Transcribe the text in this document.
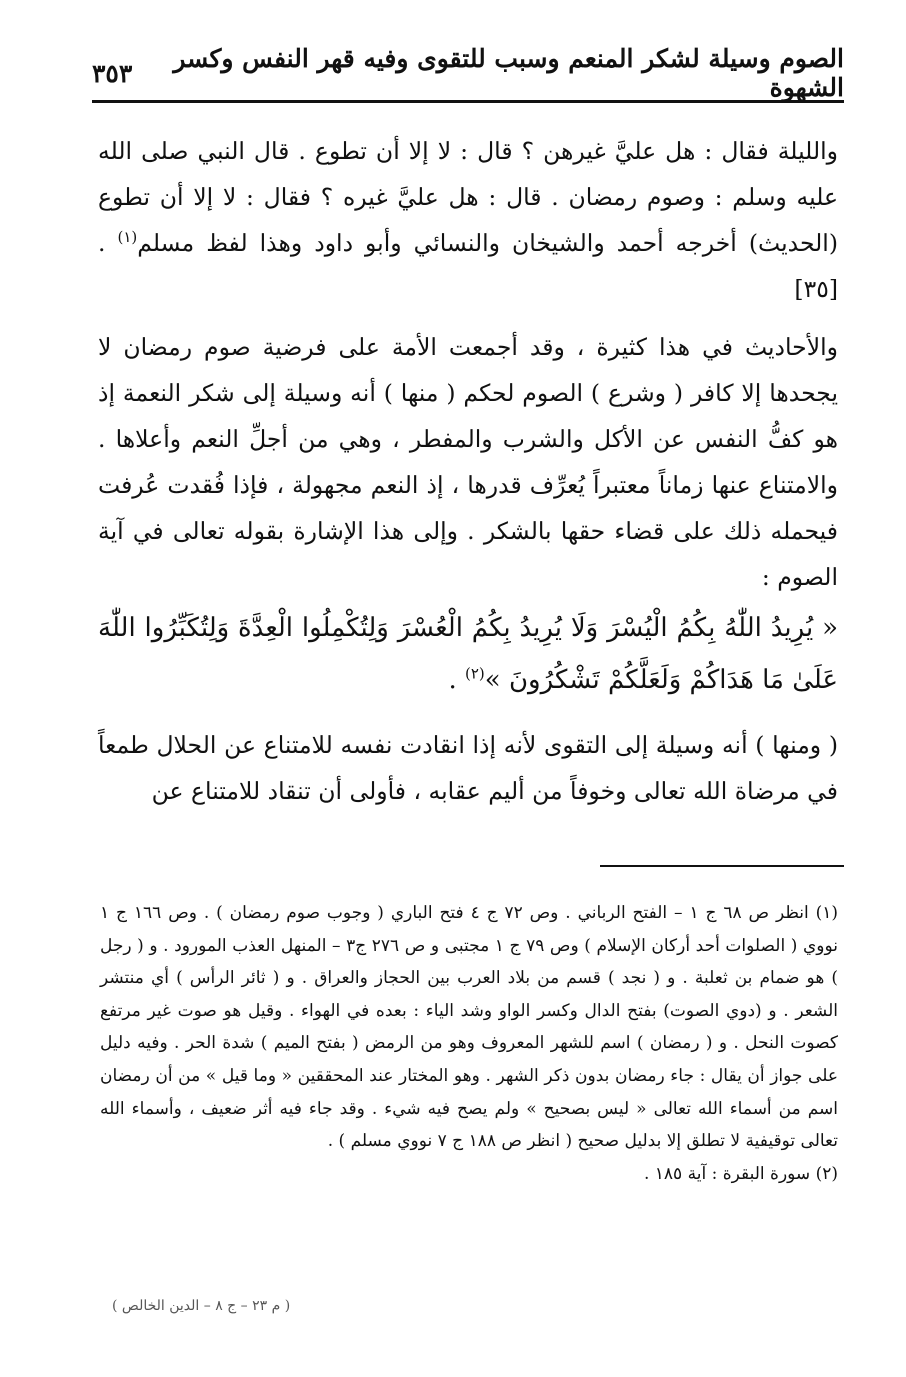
الصوم وسيلة لشكر المنعم وسبب للتقوى وفيه قهر النفس وكسر الشهوة
٣٥٣

والليلة فقال : هل عليَّ غيرهن ؟ قال : لا إلا أن تطوع . قال النبي صلى الله عليه وسلم : وصوم رمضان . قال : هل عليَّ غيره ؟ فقال : لا إلا أن تطوع (الحديث) أخرجه أحمد والشيخان والنسائي وأبو داود وهذا لفظ مسلم$^{(١)}$ . [٣٥]

والأحاديث في هذا كثيرة ، وقد أجمعت الأمة على فرضية صوم رمضان لا يجحدها إلا كافر ( وشرع ) الصوم لحكم ( منها ) أنه وسيلة إلى شكر النعمة إذ هو كفُّ النفس عن الأكل والشرب والمفطر ، وهي من أجلِّ النعم وأعلاها . والامتناع عنها زماناً معتبراً يُعرِّف قدرها ، إذ النعم مجهولة ، فإذا فُقدت عُرفت فيحمله ذلك على قضاء حقها بالشكر . وإلى هذا الإشارة بقوله تعالى في آية الصوم :

« يُرِيدُ اللّٰهُ بِكُمُ الْيُسْرَ وَلَا يُرِيدُ بِكُمُ الْعُسْرَ وَلِتُكْمِلُوا الْعِدَّةَ وَلِتُكَبِّرُوا اللّٰهَ عَلَىٰ مَا هَدَاكُمْ وَلَعَلَّكُمْ تَشْكُرُونَ »$^{(٢)}$ .

( ومنها ) أنه وسيلة إلى التقوى لأنه إذا انقادت نفسه للامتناع عن الحلال طمعاً في مرضاة الله تعالى وخوفاً من أليم عقابه ، فأولى أن تنقاد للامتناع عن

(١) انظر ص ٦٨ ج ١ – الفتح الرباني . وص ٧٢ ج ٤ فتح الباري ( وجوب صوم رمضان ) . وص ١٦٦ ج ١ نووي ( الصلوات أحد أركان الإسلام ) وص ٧٩ ج ١ مجتبى و ص ٢٧٦ ج٣ – المنهل العذب المورود . و ( رجل ) هو ضمام بن ثعلبة . و ( نجد ) قسم من بلاد العرب بين الحجاز والعراق . و ( ثائر الرأس ) أي منتشر الشعر . و (دوي الصوت) بفتح الدال وكسر الواو وشد الياء : بعده في الهواء . وقيل هو صوت غير مرتفع كصوت النحل . و ( رمضان ) اسم للشهر المعروف وهو من الرمض ( بفتح الميم ) شدة الحر . وفيه دليل على جواز أن يقال : جاء رمضان بدون ذكر الشهر . وهو المختار عند المحققين « وما قيل » من أن رمضان اسم من أسماء الله تعالى « ليس بصحيح » ولم يصح فيه شيء . وقد جاء فيه أثر ضعيف ، وأسماء الله تعالى توقيفية لا تطلق إلا بدليل صحيح ( انظر ص ١٨٨ ج ٧ نووي مسلم ) .

(٢) سورة البقرة : آية ١٨٥ .

( م ٢٣ – ج ٨ – الدين الخالص )
